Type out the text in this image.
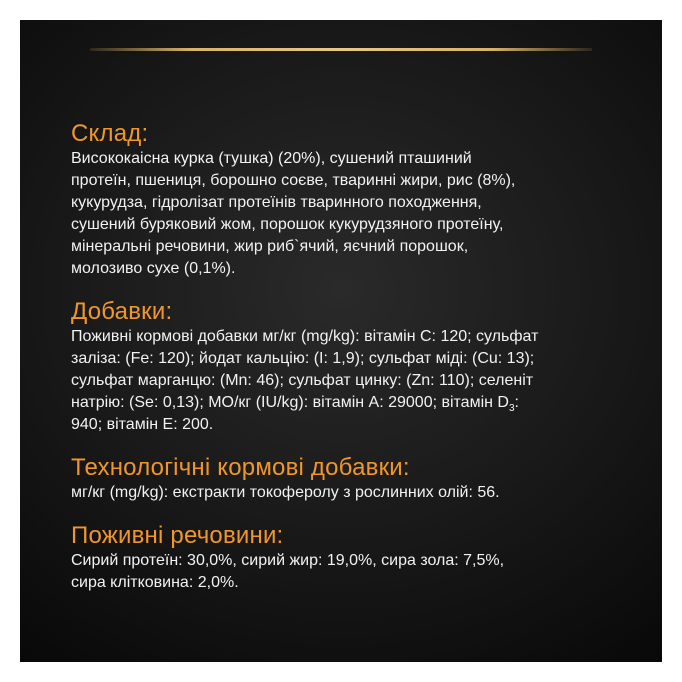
Склад:

Висококаісна курка (тушка) (20%), сушений пташиний
протеїн, пшениця, борошно соєве, тваринні жири, рис (8%),
кукурудза, гідролізат протеїнів тваринного походження,
сушений буряковий жом, порошок кукурудзяного протеїну,
мінеральні речовини, жир риб`ячий, яєчний порошок,
молозиво сухе (0,1%).

Добавки:

Поживні кормові добавки мг/кг (mg/kg): вітамін С: 120; сульфат
заліза: (Fe: 120); йодат кальцію: (I: 1,9); сульфат міді: (Cu: 13);
сульфат марганцю: (Mn: 46); сульфат цинку: (Zn: 110); селеніт
натрію: (Se: 0,13); МО/кг (IU/kg): вітамін А: 29000; вітамін $D_3$:
940; вітамін Е: 200.

Технологічні кормові добавки:

мг/кг (mg/kg): екстракти токоферолу з рослинних олій: 56.

Поживні речовини:

Сирий протеїн: 30,0%, сирий жир: 19,0%, сира зола: 7,5%,
сира клітковина: 2,0%.
